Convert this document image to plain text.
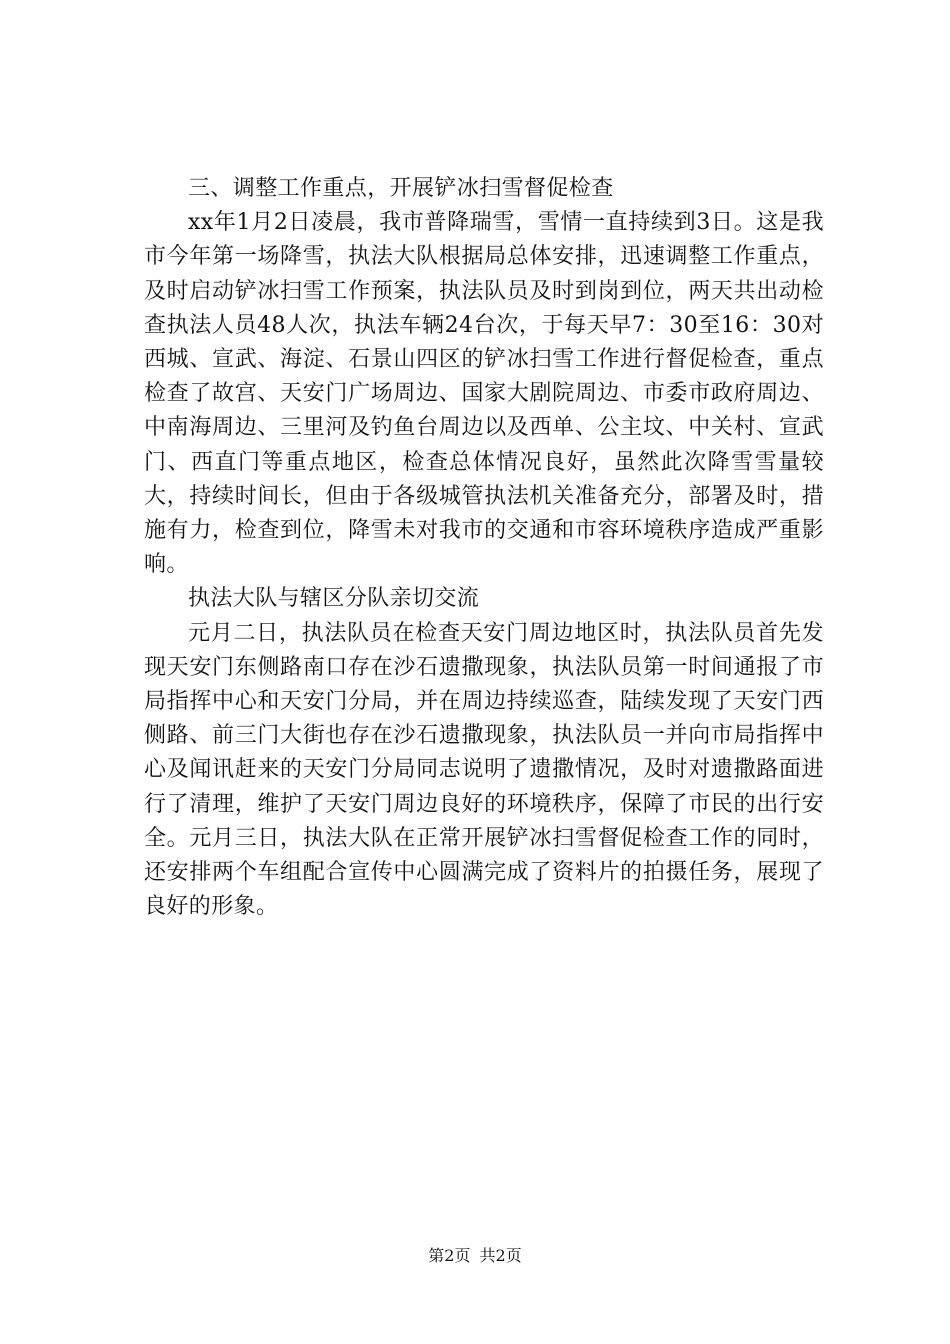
三、调整工作重点，开展铲冰扫雪督促检查

xx年1月2日凌晨，我市普降瑞雪，雪情一直持续到3日。这是我市今年第一场降雪，执法大队根据局总体安排，迅速调整工作重点，及时启动铲冰扫雪工作预案，执法队员及时到岗到位，两天共出动检查执法人员48人次，执法车辆24台次，于每天早7：30至16：30对西城、宣武、海淀、石景山四区的铲冰扫雪工作进行督促检查，重点检查了故宫、天安门广场周边、国家大剧院周边、市委市政府周边、中南海周边、三里河及钓鱼台周边以及西单、公主坟、中关村、宣武门、西直门等重点地区，检查总体情况良好，虽然此次降雪雪量较大，持续时间长，但由于各级城管执法机关准备充分，部署及时，措施有力，检查到位，降雪未对我市的交通和市容环境秩序造成严重影响。

执法大队与辖区分队亲切交流

元月二日，执法队员在检查天安门周边地区时，执法队员首先发现天安门东侧路南口存在沙石遗撒现象，执法队员第一时间通报了市局指挥中心和天安门分局，并在周边持续巡查，陆续发现了天安门西侧路、前三门大街也存在沙石遗撒现象，执法队员一并向市局指挥中心及闻讯赶来的天安门分局同志说明了遗撒情况，及时对遗撒路面进行了清理，维护了天安门周边良好的环境秩序，保障了市民的出行安全。元月三日，执法大队在正常开展铲冰扫雪督促检查工作的同时，还安排两个车组配合宣传中心圆满完成了资料片的拍摄任务，展现了良好的形象。

第2页 共2页
